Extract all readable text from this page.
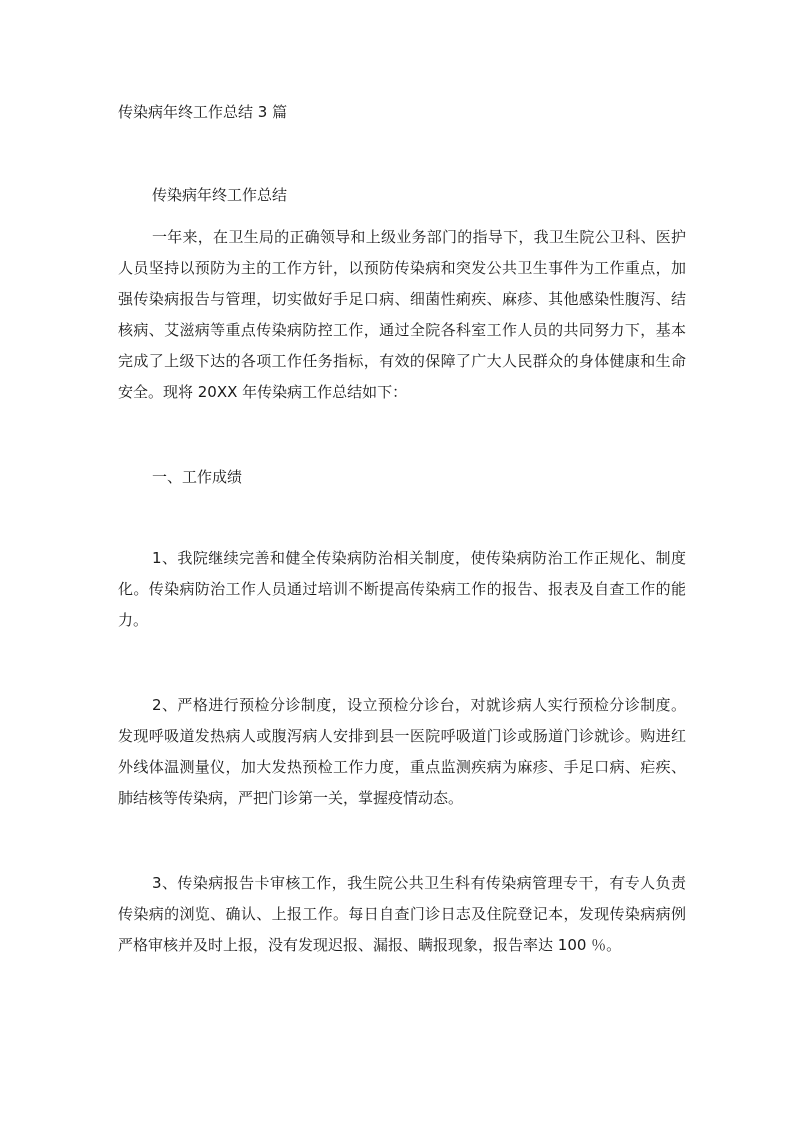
传染病年终工作总结 3 篇
传染病年终工作总结

一年来，在卫生局的正确领导和上级业务部门的指导下，我卫生院公卫科、医护人员坚持以预防为主的工作方针，以预防传染病和突发公共卫生事件为工作重点，加强传染病报告与管理，切实做好手足口病、细菌性痢疾、麻疹、其他感染性腹泻、结核病、艾滋病等重点传染病防控工作，通过全院各科室工作人员的共同努力下，基本完成了上级下达的各项工作任务指标，有效的保障了广大人民群众的身体健康和生命安全。现将 20XX 年传染病工作总结如下：

一、工作成绩

1、我院继续完善和健全传染病防治相关制度，使传染病防治工作正规化、制度化。传染病防治工作人员通过培训不断提高传染病工作的报告、报表及自查工作的能力。

2、严格进行预检分诊制度，设立预检分诊台，对就诊病人实行预检分诊制度。发现呼吸道发热病人或腹泻病人安排到县一医院呼吸道门诊或肠道门诊就诊。购进红外线体温测量仪，加大发热预检工作力度，重点监测疾病为麻疹、手足口病、疟疾、肺结核等传染病，严把门诊第一关，掌握疫情动态。

3、传染病报告卡审核工作，我生院公共卫生科有传染病管理专干，有专人负责传染病的浏览、确认、上报工作。每日自查门诊日志及住院登记本，发现传染病病例严格审核并及时上报，没有发现迟报、漏报、瞒报现象，报告率达 100 ％。
